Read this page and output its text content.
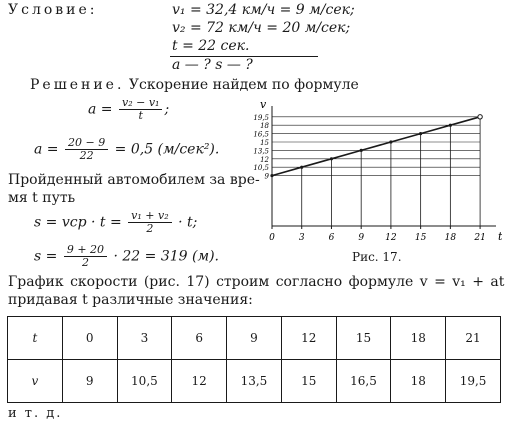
Условие:	v₁ = 32,4 км/ч = 9 м/сек;
v₂ = 72 км/ч = 20 м/сек;
t = 22 сек.
a — ? s — ?
Решение. Ускорение найдем по формуле
$a = \frac{\text{v₂ − v₁}}{t}$ ;
$a = \frac{20 - 9}{22} = 0,5$ (м/сек²).
Пройденный автомобилем за вре-
мя t путь
s = vср · $t = \frac{\text{v₁ + v₂}}{2} \cdot t$;
$s = \frac{9 + 20}{2} \cdot 22 = 319$ (м).
t
v
9
10,5
12
13,5
15
16,5
18
19,5
0	3	6	9 12 15 18 21
Рис. 17.
График скорости (рис. 17) строим согласно формуле v = v₁ + at
придавая t различные значения:
t	0	3	6	9	12	15	18	21
v	9	10,5	12	13,5	15	16,5	18	19,5
и т. д.
